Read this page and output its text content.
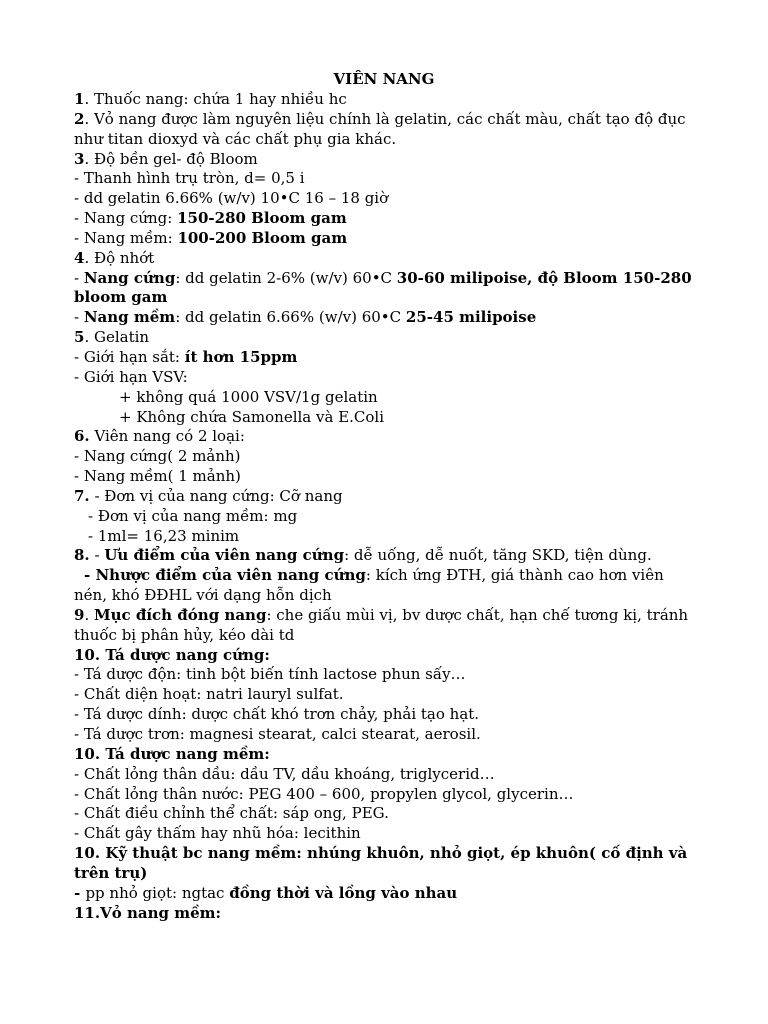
VIÊN NANG
1. Thuốc nang: chứa 1 hay nhiều hc
2. Vỏ nang được làm nguyên liệu chính là gelatin, các chất màu, chất tạo độ đục
như titan dioxyd và các chất phụ gia khác.
3. Độ bền gel- độ Bloom
- Thanh hình trụ tròn, d= 0,5 i
- dd gelatin 6.66% (w/v) 10•C 16 – 18 giờ
- Nang cứng: 150-280 Bloom gam
- Nang mềm: 100-200 Bloom gam
4. Độ nhớt
- Nang cứng: dd gelatin 2-6% (w/v) 60•C 30-60 milipoise, độ Bloom 150-280
bloom gam
- Nang mềm: dd gelatin 6.66% (w/v) 60•C 25-45 milipoise
5. Gelatin
- Giới hạn sắt: ít hơn 15ppm
- Giới hạn VSV:
+ không quá 1000 VSV/1g gelatin
+ Không chứa Samonella và E.Coli
6. Viên nang có 2 loại:
- Nang cứng( 2 mảnh)
- Nang mềm( 1 mảnh)
7. - Đơn vị của nang cứng: Cỡ nang
- Đơn vị của nang mềm: mg
- 1ml= 16,23 minim
8. - Ưu điểm của viên nang cứng: dễ uống, dễ nuốt, tăng SKD, tiện dùng.
- Nhược điểm của viên nang cứng: kích ứng ĐTH, giá thành cao hơn viên
nén, khó ĐĐHL với dạng hỗn dịch
9. Mục đích đóng nang: che giấu mùi vị, bv dược chất, hạn chế tương kị, tránh
thuốc bị phân hủy, kéo dài td
10. Tá dược nang cứng:
- Tá dược độn: tinh bột biến tính lactose phun sấy…
- Chất diện hoạt: natri lauryl sulfat.
- Tá dược dính: dược chất khó trơn chảy, phải tạo hạt.
- Tá dược trơn: magnesi stearat, calci stearat, aerosil.
10. Tá dược nang mềm:
- Chất lỏng thân dầu: dầu TV, dầu khoáng, triglycerid…
- Chất lỏng thân nước: PEG 400 – 600, propylen glycol, glycerin…
- Chất điều chỉnh thể chất: sáp ong, PEG.
- Chất gây thấm hay nhũ hóa: lecithin
10. Kỹ thuật bc nang mềm: nhúng khuôn, nhỏ giọt, ép khuôn( cố định và
trên trụ)
- pp nhỏ giọt: ngtac đồng thời và lồng vào nhau
11.Vỏ nang mềm:
